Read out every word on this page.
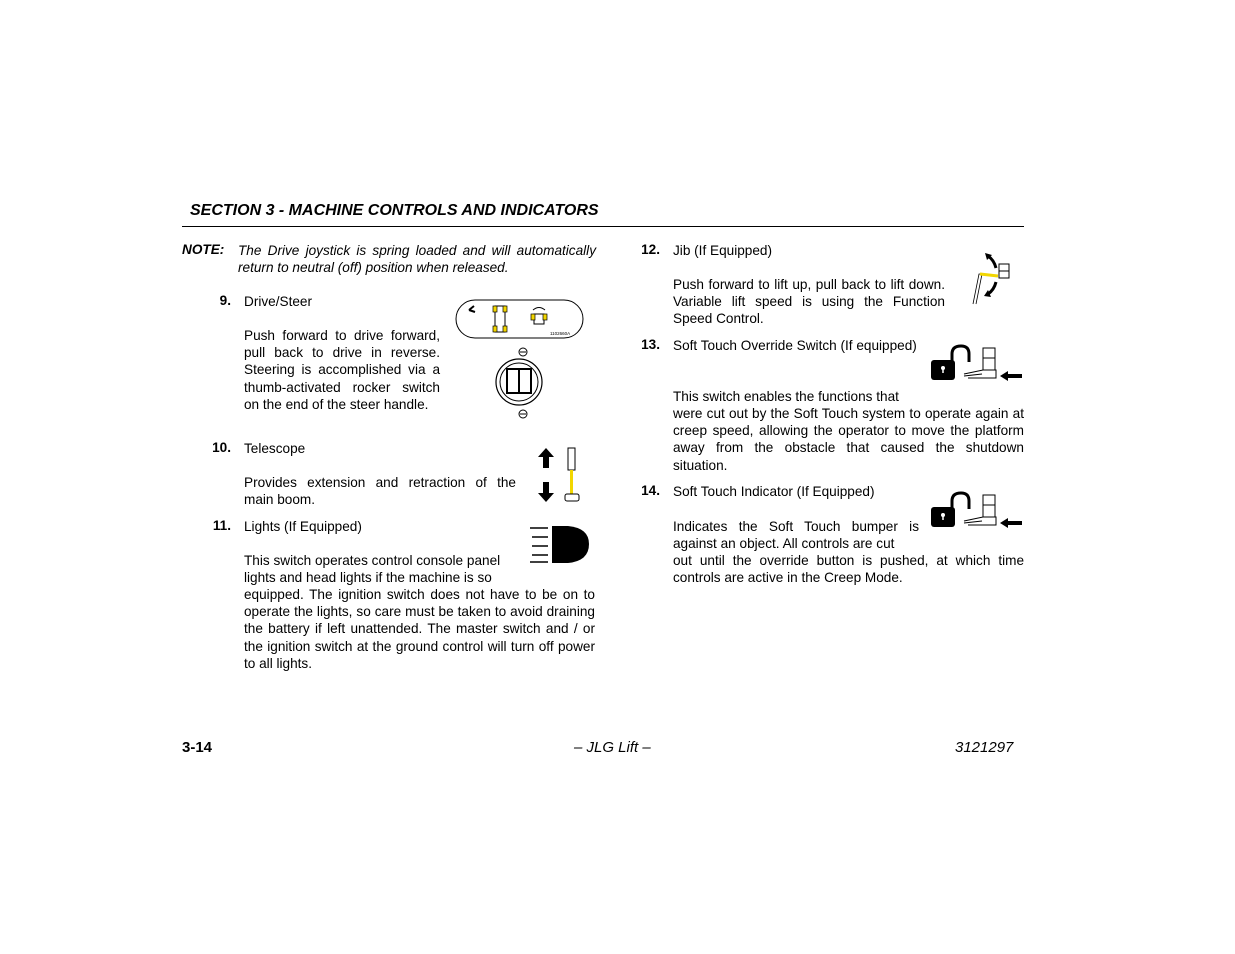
SECTION 3 - MACHINE CONTROLS AND INDICATORS
NOTE: The Drive joystick is spring loaded and will automatically return to neutral (off) position when released.
9. Drive/Steer
Push forward to drive forward, pull back to drive in reverse. Steering is accomplished via a thumb-activated rocker switch on the end of the steer handle.
1102660A
10. Telescope
Provides extension and retraction of the main boom.
11. Lights (If Equipped)
This switch operates control console panel lights and head lights if the machine is so
equipped. The ignition switch does not have to be on to operate the lights, so care must be taken to avoid draining the battery if left unattended. The master switch and / or the ignition switch at the ground control will turn off power to all lights.
12. Jib (If Equipped)
Push forward to lift up, pull back to lift down. Variable lift speed is using the Function Speed Control.
13. Soft Touch Override Switch (If equipped)
This switch enables the functions that
were cut out by the Soft Touch system to operate again at creep speed, allowing the operator to move the platform away from the obstacle that caused the shutdown situation.
14. Soft Touch Indicator (If Equipped)
Indicates the Soft Touch bumper is against an object. All controls are cut
out until the override button is pushed, at which time controls are active in the Creep Mode.
3-14	– JLG Lift –	3121297
